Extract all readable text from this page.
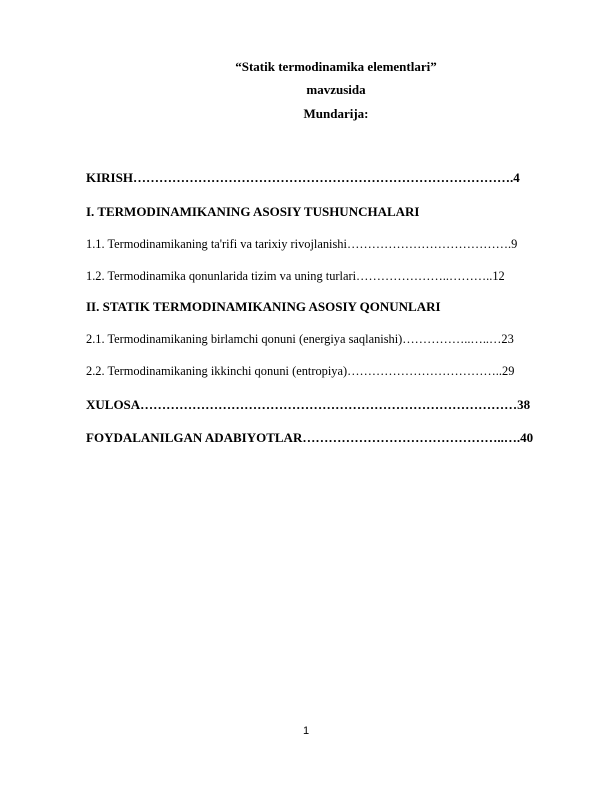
“Statik termodinamika elementlari”
mavzusida
Mundarija:
KIRISH…………………………………………………………………………….4
I. TERMODINAMIKANING ASOSIY TUSHUNCHALARI
1.1. Termodinamikaning ta'rifi va tarixiy rivojlanishi………………………………….9
1.2. Termodinamika qonunlarida tizim va uning turlari…………………..………..12
II. STATIK TERMODINAMIKANING ASOSIY QONUNLARI
2.1. Termodinamikaning birlamchi qonuni (energiya saqlanishi)……………..…..…23
2.2. Termodinamikaning ikkinchi qonuni (entropiya)………………………………..29
XULOSA……………………………………………………………………………38
FOYDALANILGAN ADABIYOTLAR………………………………………..….40
1
